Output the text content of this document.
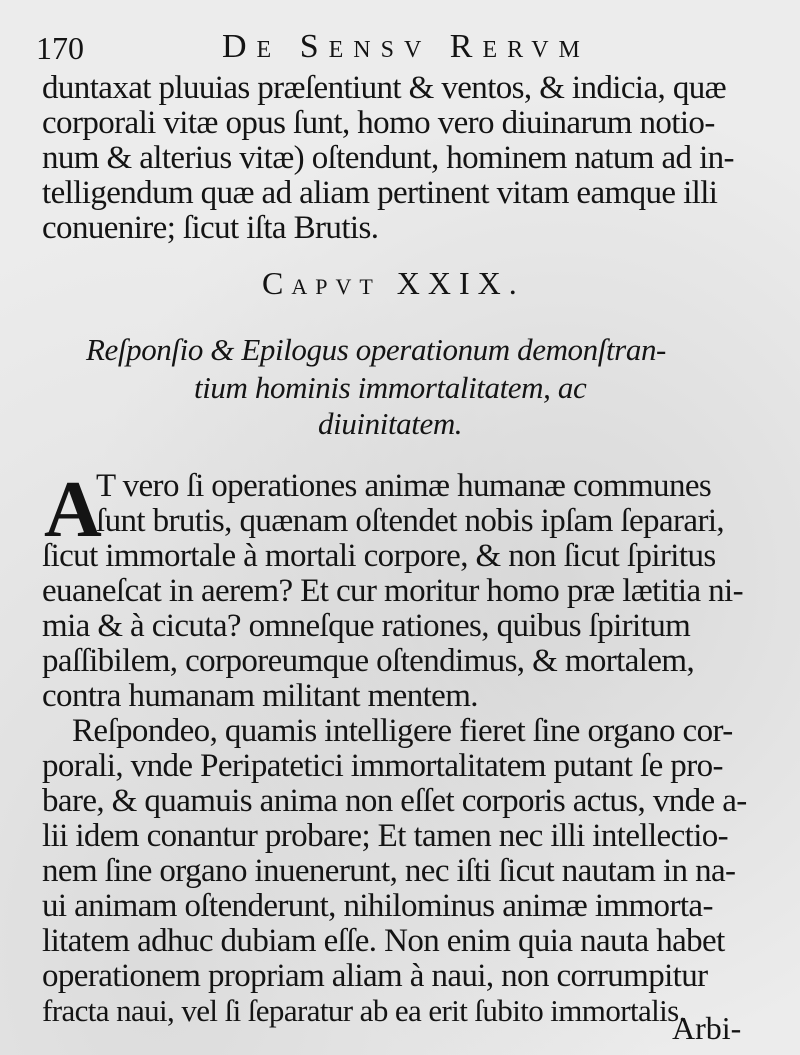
170	De Sensv Rervm
duntaxat pluuias præſentiunt & ventos, & indicia, quæ
corporali vitæ opus ſunt, homo vero diuinarum notio-
num & alterius vitæ) oſtendunt, hominem natum ad in-
telligendum quæ ad aliam pertinent vitam eamque illi
conuenire; ſicut iſta Brutis.
Capvt XXIX.
Reſponſio & Epilogus operationum demonſtran-
tium hominis immortalitatem, ac
diuinitatem.
A
T vero ſi operationes animæ humanæ communes
ſunt brutis, quænam oſtendet nobis ipſam ſeparari,
ſicut immortale à mortali corpore, & non ſicut ſpiritus
euaneſcat in aerem? Et cur moritur homo præ lætitia ni-
mia & à cicuta? omneſque rationes, quibus ſpiritum
paſſibilem, corporeumque oſtendimus, & mortalem,
contra humanam militant mentem.
Reſpondeo, quamis intelligere fieret ſine organo cor-
porali, vnde Peripatetici immortalitatem putant ſe pro-
bare, & quamuis anima non eſſet corporis actus, vnde a-
lii idem conantur probare; Et tamen nec illi intellectio-
nem ſine organo inuenerunt, nec iſti ſicut nautam in na-
ui animam oſtenderunt, nihilominus animæ immorta-
litatem adhuc dubiam eſſe. Non enim quia nauta habet
operationem propriam aliam à naui, non corrumpitur
fracta naui, vel ſi ſeparatur ab ea erit ſubito immortalis.
Arbi-
